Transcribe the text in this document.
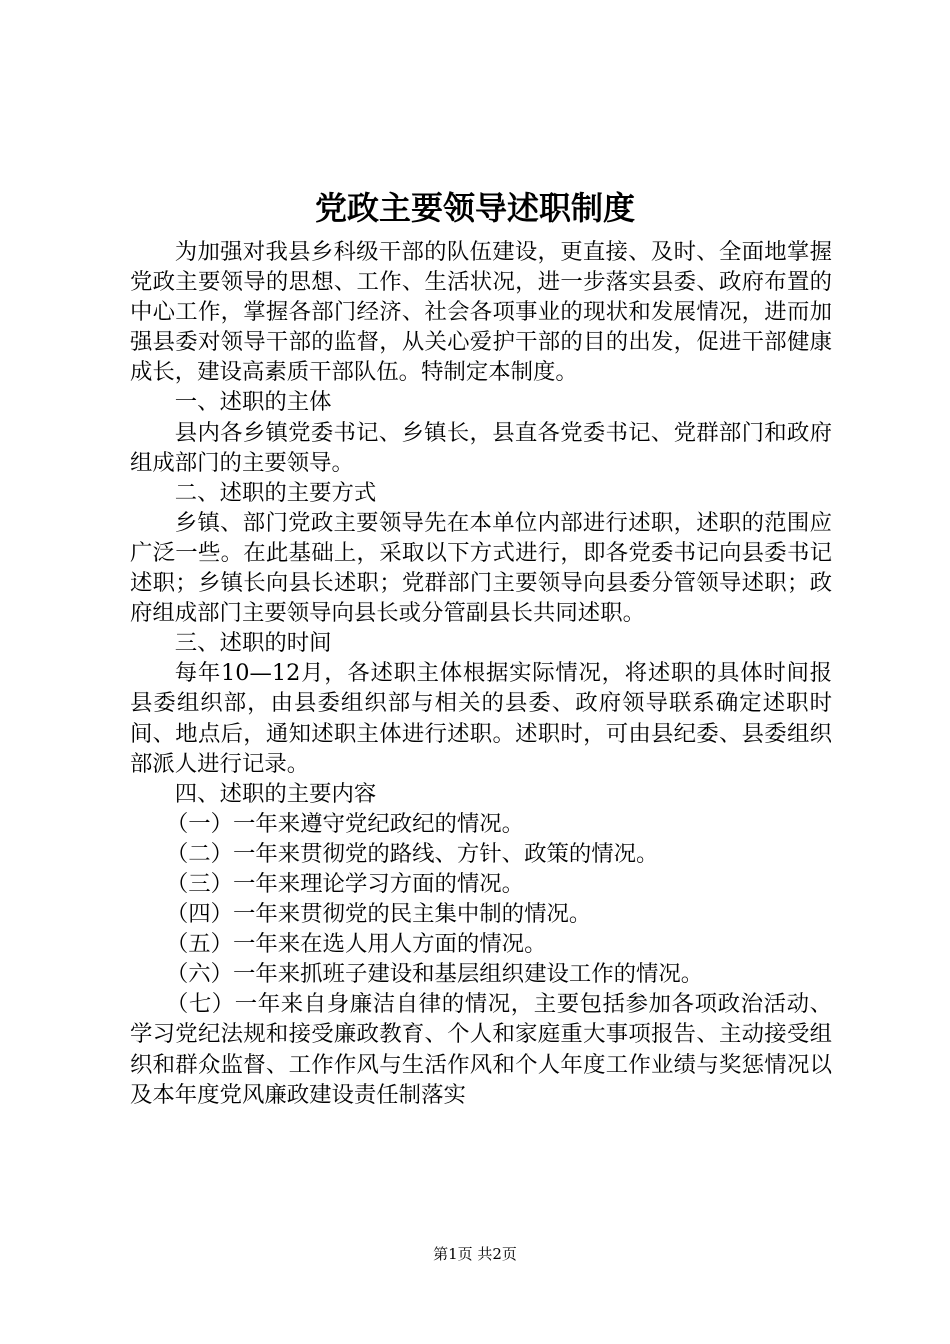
党政主要领导述职制度

为加强对我县乡科级干部的队伍建设，更直接、及时、全面地掌握党政主要领导的思想、工作、生活状况，进一步落实县委、政府布置的中心工作，掌握各部门经济、社会各项事业的现状和发展情况，进而加强县委对领导干部的监督，从关心爱护干部的目的出发，促进干部健康成长，建设高素质干部队伍。特制定本制度。

一、述职的主体

县内各乡镇党委书记、乡镇长，县直各党委书记、党群部门和政府组成部门的主要领导。

二、述职的主要方式

乡镇、部门党政主要领导先在本单位内部进行述职，述职的范围应广泛一些。在此基础上，采取以下方式进行，即各党委书记向县委书记述职；乡镇长向县长述职；党群部门主要领导向县委分管领导述职；政府组成部门主要领导向县长或分管副县长共同述职。

三、述职的时间

每年10—12月，各述职主体根据实际情况，将述职的具体时间报县委组织部，由县委组织部与相关的县委、政府领导联系确定述职时间、地点后，通知述职主体进行述职。述职时，可由县纪委、县委组织部派人进行记录。

四、述职的主要内容

（一）一年来遵守党纪政纪的情况。

（二）一年来贯彻党的路线、方针、政策的情况。

（三）一年来理论学习方面的情况。

（四）一年来贯彻党的民主集中制的情况。

（五）一年来在选人用人方面的情况。

（六）一年来抓班子建设和基层组织建设工作的情况。

（七）一年来自身廉洁自律的情况，主要包括参加各项政治活动、学习党纪法规和接受廉政教育、个人和家庭重大事项报告、主动接受组织和群众监督、工作作风与生活作风和个人年度工作业绩与奖惩情况以及本年度党风廉政建设责任制落实

第1页 共2页
